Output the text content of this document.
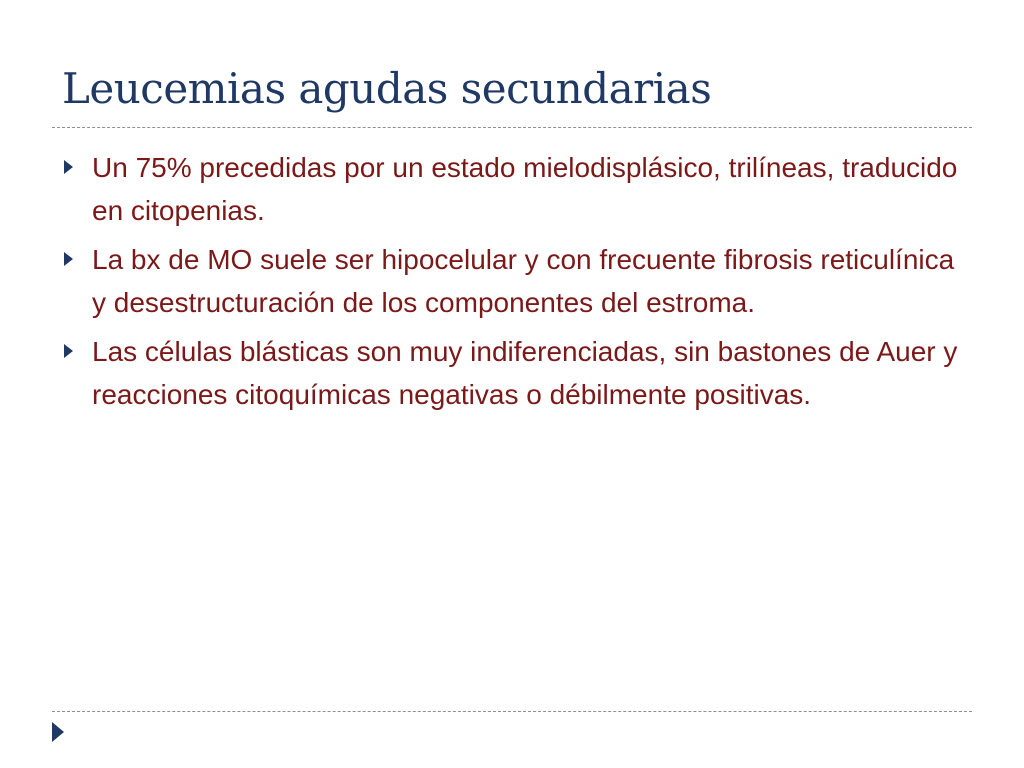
Leucemias agudas secundarias
Un 75% precedidas por un estado mielodisplásico, trilíneas, traducido en citopenias.
La bx de MO suele ser hipocelular y con frecuente fibrosis reticulínica y desestructuración de los componentes del estroma.
Las células blásticas son muy indiferenciadas, sin bastones de Auer y reacciones citoquímicas negativas o débilmente positivas.
